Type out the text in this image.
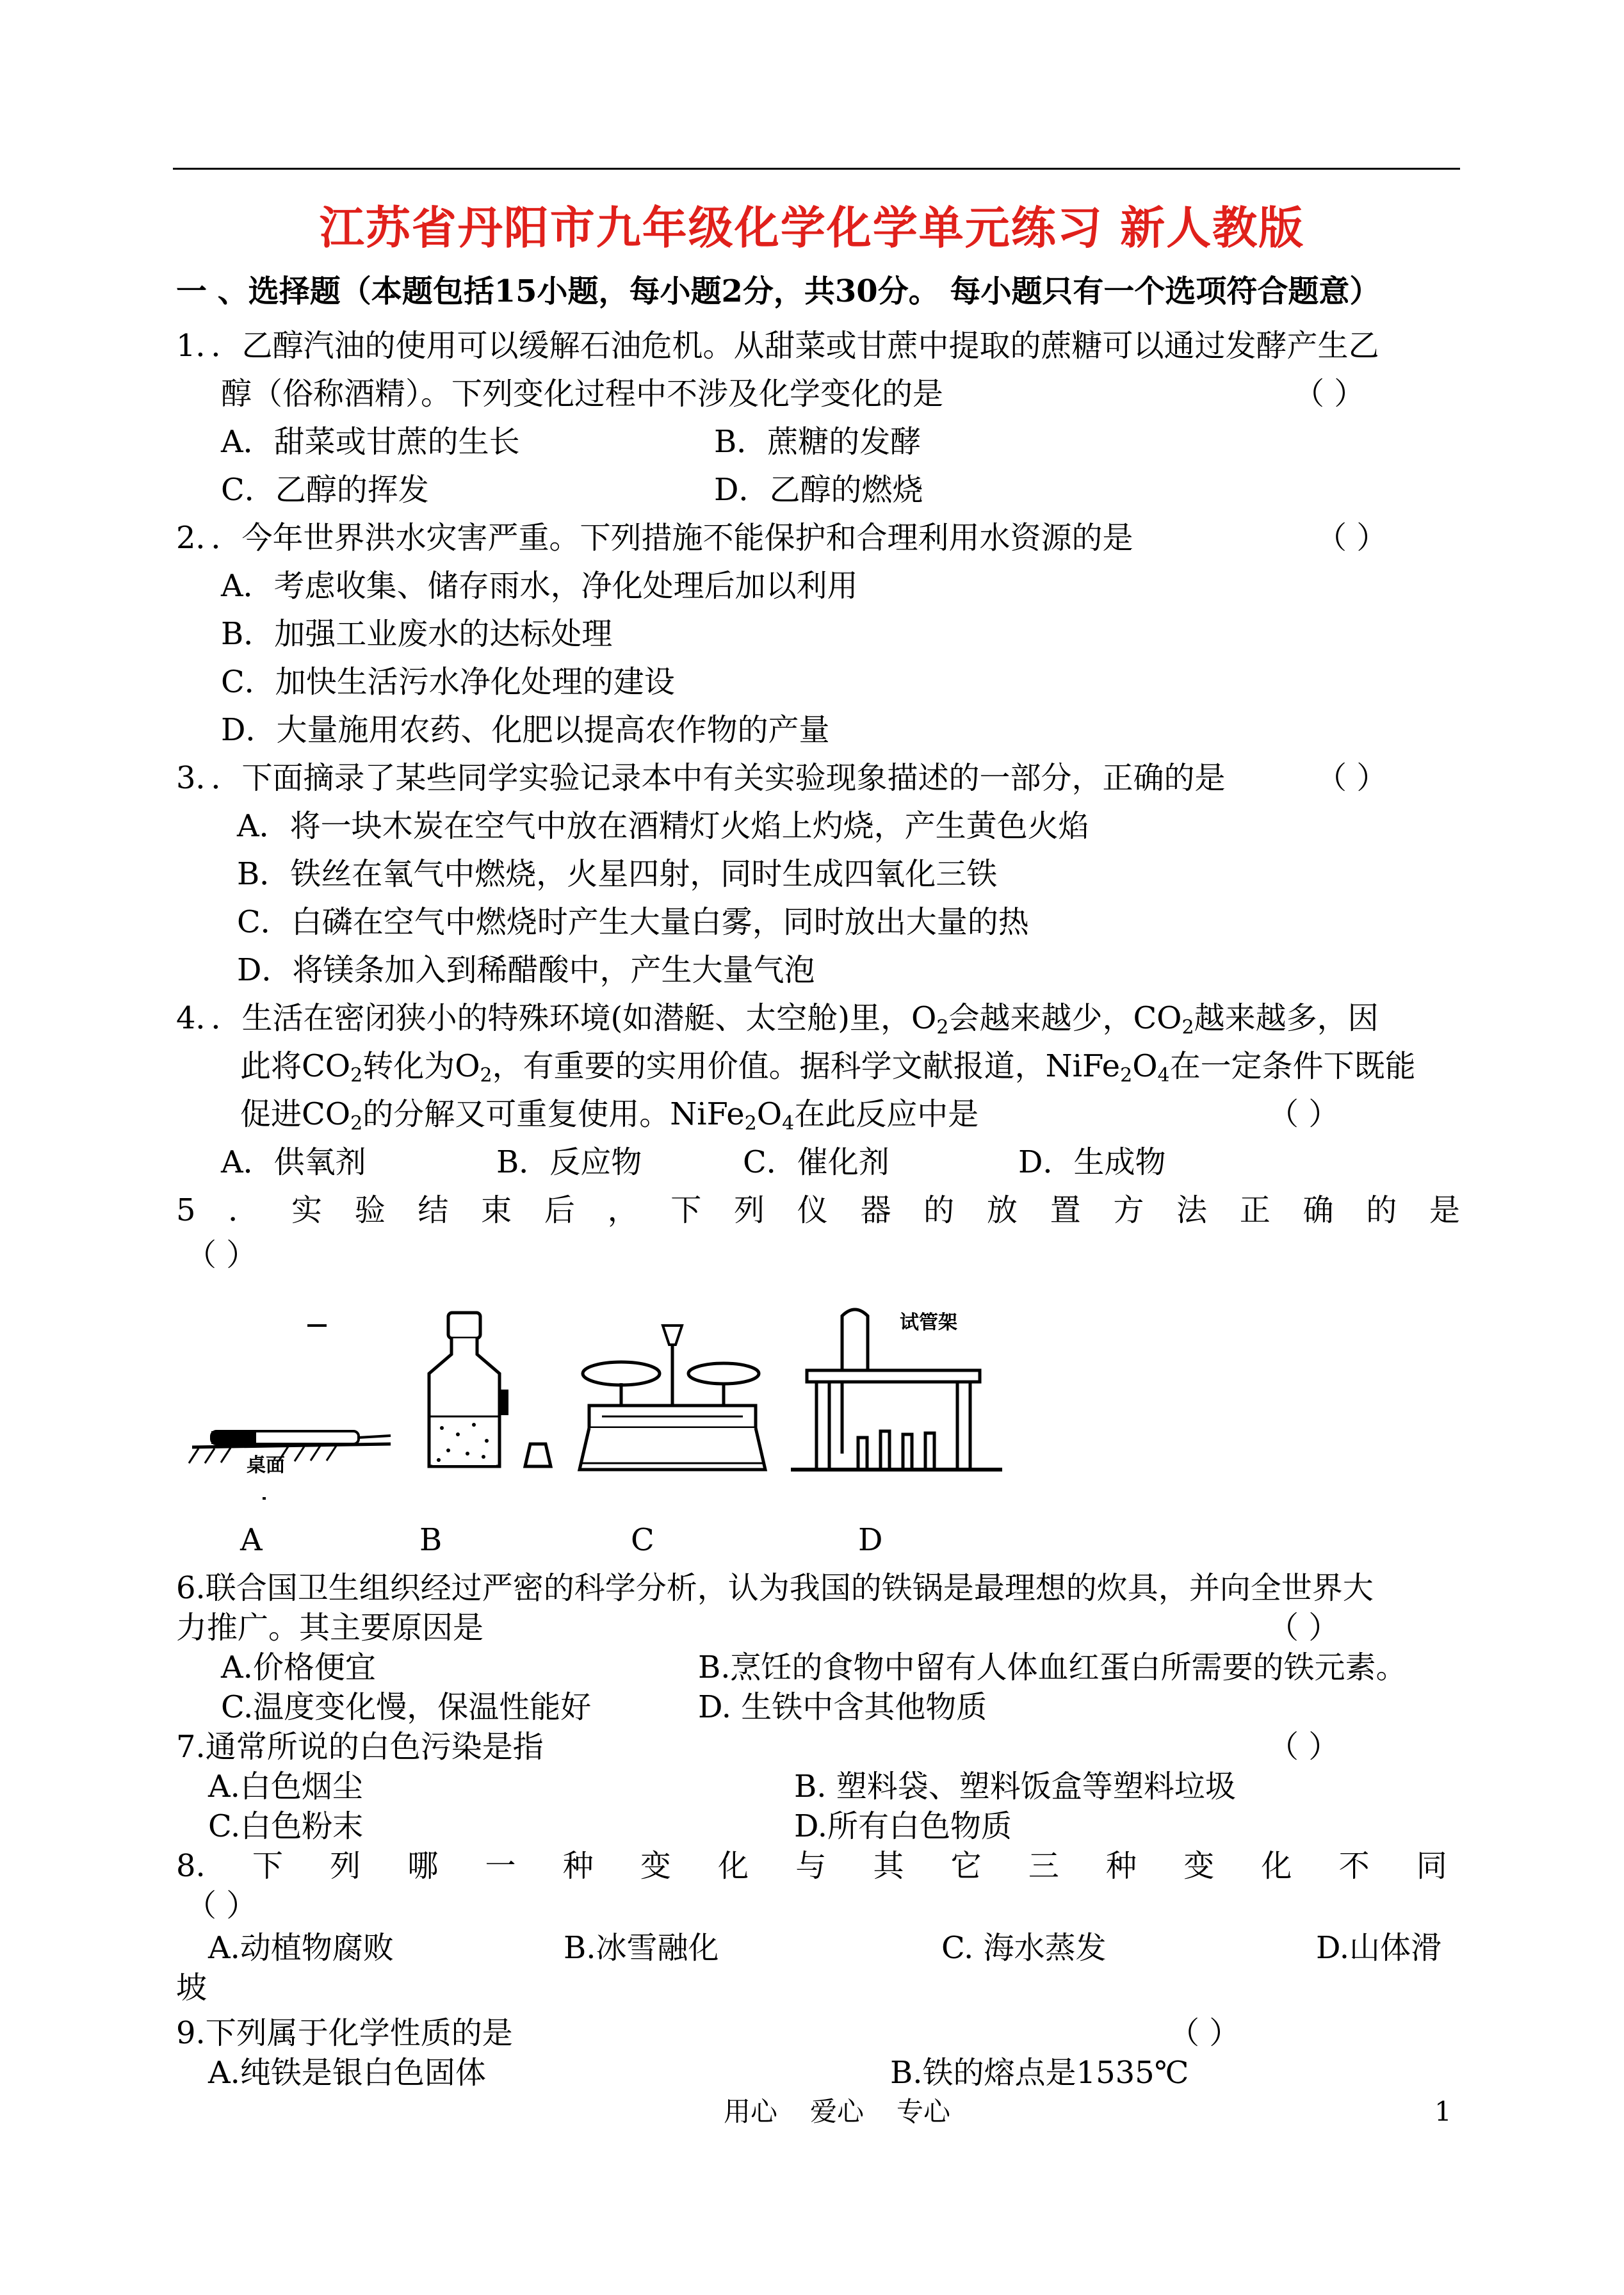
江苏省丹阳市九年级化学化学单元练习 新人教版
一 、选择题（本题包括15小题，每小题2分，共30分。 每小题只有一个选项符合题意）
1．．乙醇汽油的使用可以缓解石油危机。从甜菜或甘蔗中提取的蔗糖可以通过发酵产生乙
醇（俗称酒精）。下列变化过程中不涉及化学变化的是	（ ）
A．甜菜或甘蔗的生长	B．蔗糖的发酵
C．乙醇的挥发	D．乙醇的燃烧
2．．今年世界洪水灾害严重。下列措施不能保护和合理利用水资源的是	（ ）
A．考虑收集、储存雨水，净化处理后加以利用
B．加强工业废水的达标处理
C．加快生活污水净化处理的建设
D．大量施用农药、化肥以提高农作物的产量
3．．下面摘录了某些同学实验记录本中有关实验现象描述的一部分，正确的是	（ ）
A．将一块木炭在空气中放在酒精灯火焰上灼烧，产生黄色火焰
B．铁丝在氧气中燃烧，火星四射，同时生成四氧化三铁
C．白磷在空气中燃烧时产生大量白雾，同时放出大量的热
D．将镁条加入到稀醋酸中，产生大量气泡
4．．生活在密闭狭小的特殊环境(如潜艇、太空舱)里，$O_2$会越来越少，$CO_2$越来越多，因
此将$CO_2$转化为$O_2$，有重要的实用价值。据科学文献报道，$NiFe_2O_4$在一定条件下既能
促进$CO_2$的分解又可重复使用。$NiFe_2O_4$在此反应中是	（ ）
A．供氧剂	B．反应物	C．催化剂	D．生成物
5 ． 实 验 结 束 后 ， 下 列 仪 器 的 放 置 方 法 正 确 的 是
（ ）
桌面
试管架
A	B	C	D
6.联合国卫生组织经过严密的科学分析，认为我国的铁锅是最理想的炊具，并向全世界大
力推广。其主要原因是	（ ）
A.价格便宜	B.烹饪的食物中留有人体血红蛋白所需要的铁元素。
C.温度变化慢，保温性能好	D. 生铁中含其他物质
7.通常所说的白色污染是指	（ ）
A.白色烟尘	B. 塑料袋、塑料饭盒等塑料垃圾
C.白色粉末	D.所有白色物质
8. 下 列 哪 一 种 变 化 与 其 它 三 种 变 化 不 同
（ ）
A.动植物腐败	B.冰雪融化	C. 海水蒸发	D.山体滑
坡
9.下列属于化学性质的是	（ ）
A.纯铁是银白色固体	B.铁的熔点是1535℃
用心 爱心 专心	1
